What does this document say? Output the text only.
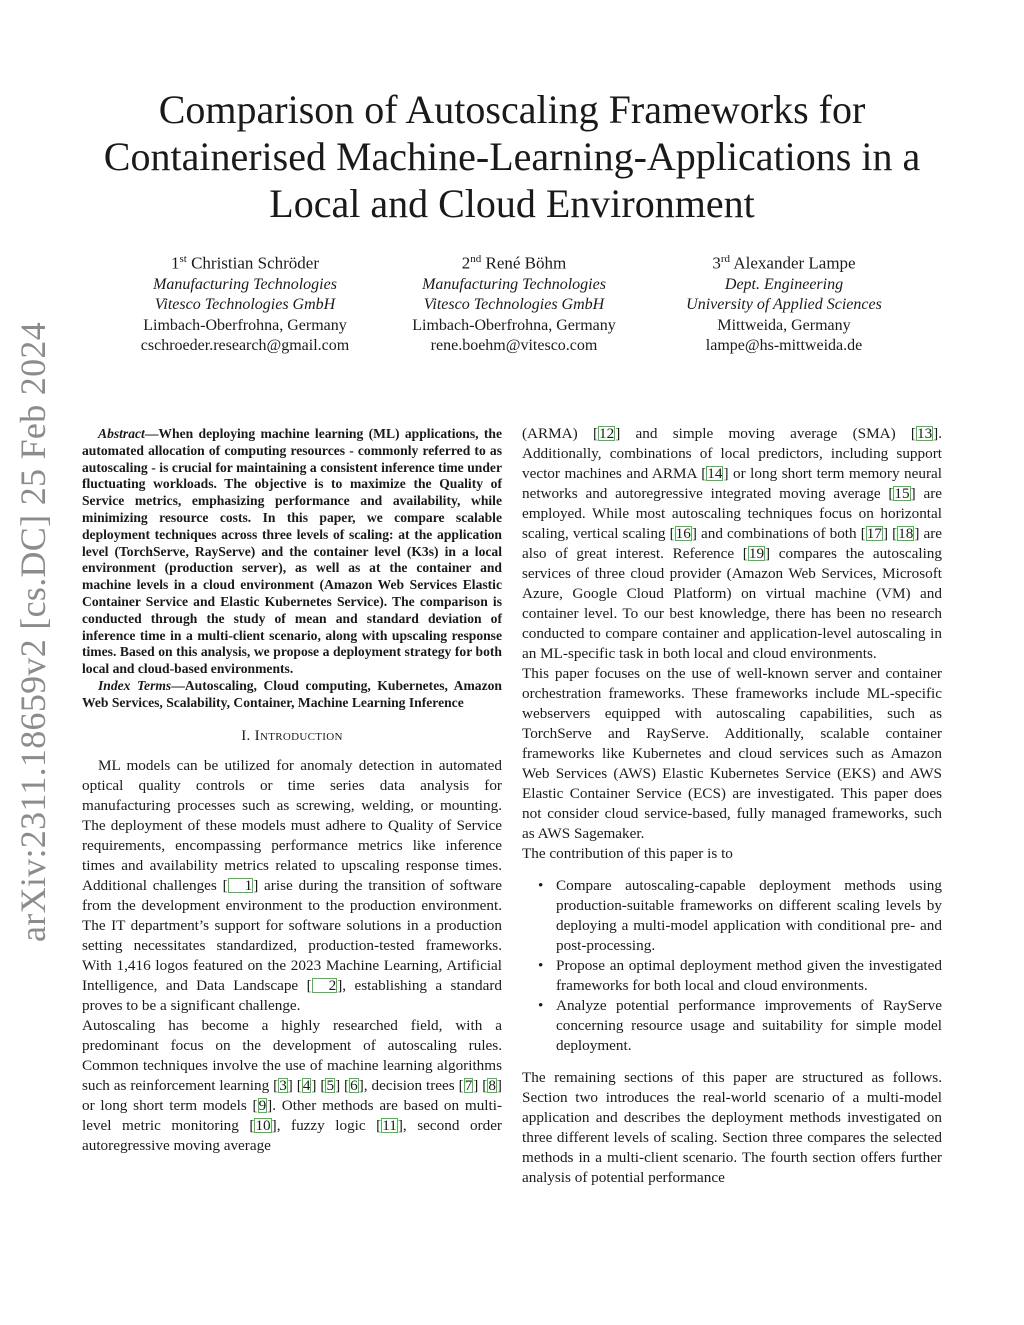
arXiv:2311.18659v2 [cs.DC] 25 Feb 2024
Comparison of Autoscaling Frameworks for Containerised Machine-Learning-Applications in a Local and Cloud Environment
1st Christian Schröder
Manufacturing Technologies
Vitesco Technologies GmbH
Limbach-Oberfrohna, Germany
cschroeder.research@gmail.com
2nd René Böhm
Manufacturing Technologies
Vitesco Technologies GmbH
Limbach-Oberfrohna, Germany
rene.boehm@vitesco.com
3rd Alexander Lampe
Dept. Engineering
University of Applied Sciences
Mittweida, Germany
lampe@hs-mittweida.de

Abstract—When deploying machine learning (ML) applications, the automated allocation of computing resources - commonly referred to as autoscaling - is crucial for maintaining a consistent inference time under fluctuating workloads. The objective is to maximize the Quality of Service metrics, emphasizing performance and availability, while minimizing resource costs. In this paper, we compare scalable deployment techniques across three levels of scaling: at the application level (TorchServe, RayServe) and the container level (K3s) in a local environment (production server), as well as at the container and machine levels in a cloud environment (Amazon Web Services Elastic Container Service and Elastic Kubernetes Service). The comparison is conducted through the study of mean and standard deviation of inference time in a multi-client scenario, along with upscaling response times. Based on this analysis, we propose a deployment strategy for both local and cloud-based environments.

Index Terms—Autoscaling, Cloud computing, Kubernetes, Amazon Web Services, Scalability, Container, Machine Learning Inference

I. Introduction

ML models can be utilized for anomaly detection in automated optical quality controls or time series data analysis for manufacturing processes such as screwing, welding, or mounting. The deployment of these models must adhere to Quality of Service requirements, encompassing performance metrics like inference times and availability metrics related to upscaling response times. Additional challenges [ 1] arise during the transition of software from the development environment to the production environment. The IT department’s support for software solutions in a production setting necessitates standardized, production-tested frameworks. With 1,416 logos featured on the 2023 Machine Learning, Artificial Intelligence, and Data Landscape [ 2], establishing a standard proves to be a significant challenge.

Autoscaling has become a highly researched field, with a predominant focus on the development of autoscaling rules. Common techniques involve the use of machine learning algorithms such as reinforcement learning [3] [4] [5] [6], decision trees [7] [8] or long short term models [9]. Other methods are based on multi-level metric monitoring [10], fuzzy logic [11], second order autoregressive moving average

(ARMA) [12] and simple moving average (SMA) [13]. Additionally, combinations of local predictors, including support vector machines and ARMA [14] or long short term memory neural networks and autoregressive integrated moving average [15] are employed. While most autoscaling techniques focus on horizontal scaling, vertical scaling [16] and combinations of both [17] [18] are also of great interest. Reference [19] compares the autoscaling services of three cloud provider (Amazon Web Services, Microsoft Azure, Google Cloud Platform) on virtual machine (VM) and container level. To our best knowledge, there has been no research conducted to compare container and application-level autoscaling in an ML-specific task in both local and cloud environments.

This paper focuses on the use of well-known server and container orchestration frameworks. These frameworks include ML-specific webservers equipped with autoscaling capabilities, such as TorchServe and RayServe. Additionally, scalable container frameworks like Kubernetes and cloud services such as Amazon Web Services (AWS) Elastic Kubernetes Service (EKS) and AWS Elastic Container Service (ECS) are investigated. This paper does not consider cloud service-based, fully managed frameworks, such as AWS Sagemaker.

The contribution of this paper is to

• Compare autoscaling-capable deployment methods using production-suitable frameworks on different scaling levels by deploying a multi-model application with conditional pre- and post-processing.
• Propose an optimal deployment method given the investigated frameworks for both local and cloud environments.
• Analyze potential performance improvements of RayServe concerning resource usage and suitability for simple model deployment.

The remaining sections of this paper are structured as follows. Section two introduces the real-world scenario of a multi-model application and describes the deployment methods investigated on three different levels of scaling. Section three compares the selected methods in a multi-client scenario. The fourth section offers further analysis of potential performance
